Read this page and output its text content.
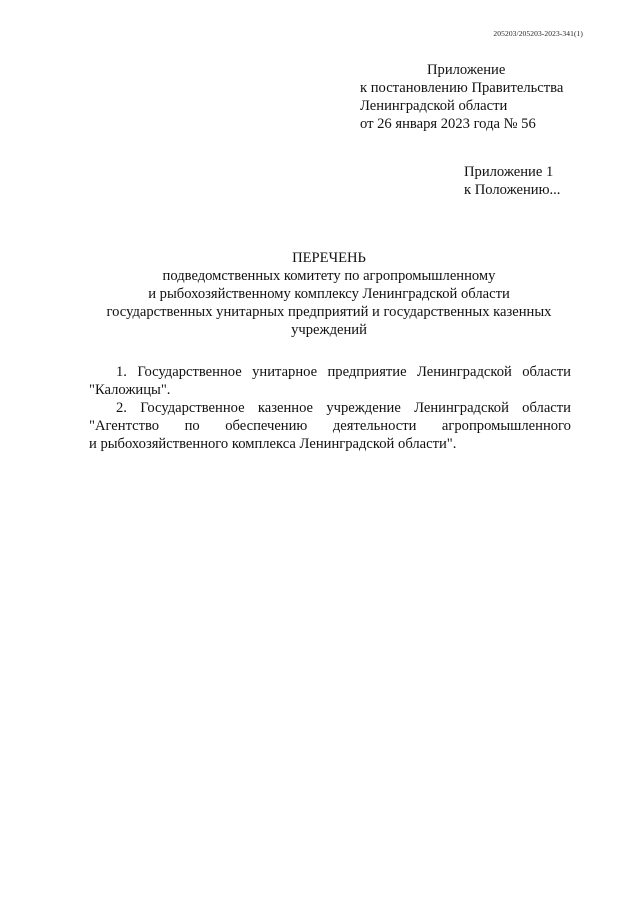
205203/205203-2023-341(1)
Приложение
к постановлению Правительства
Ленинградской области
от 26 января 2023 года № 56
Приложение 1
к Положению...
ПЕРЕЧЕНЬ
подведомственных комитету по агропромышленному
и рыбохозяйственному комплексу Ленинградской области
государственных унитарных предприятий и государственных казенных
учреждений
1. Государственное унитарное предприятие Ленинградской области
"Каложицы".
2. Государственное казенное учреждение Ленинградской области
"Агентство по обеспечению деятельности агропромышленного
и рыбохозяйственного комплекса Ленинградской области".
